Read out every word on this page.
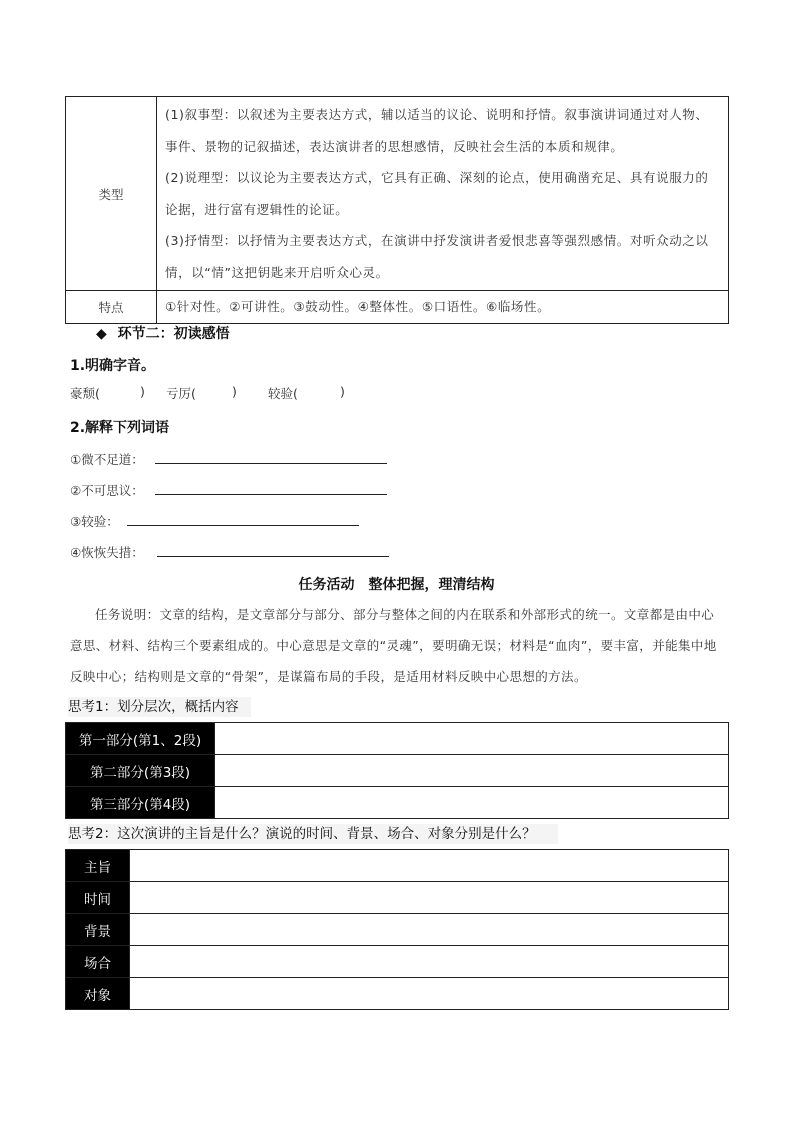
类型	(1)叙事型：以叙述为主要表达方式，辅以适当的议论、说明和抒情。叙事演讲词通过对人物、事件、景物的记叙描述，表达演讲者的思想感情，反映社会生活的本质和规律。

(2)说理型：以议论为主要表达方式，它具有正确、深刻的论点，使用确凿充足、具有说服力的论据，进行富有逻辑性的论证。

(3)抒情型：以抒情为主要表达方式，在演讲中抒发演讲者爱恨悲喜等强烈感情。对听众动之以情，以“情”这把钥匙来开启听众心灵。

特点	①针对性。②可讲性。③鼓动性。④整体性。⑤口语性。⑥临场性。
◆ 环节二：初读感悟
1.明确字音。
豪颓(	) 亏厉(	) 较验(	)
2.解释下列词语
①微不足道：
②不可思议：
③较验：
④恢恢失措：
任务活动　整体把握，理清结构
任务说明：文章的结构，是文章部分与部分、部分与整体之间的内在联系和外部形式的统一。文章都是由中心意思、材料、结构三个要素组成的。中心意思是文章的“灵魂”，要明确无误；材料是“血肉”，要丰富，并能集中地反映中心；结构则是文章的“骨架”，是谋篇布局的手段，是适用材料反映中心思想的方法。
思考1：划分层次，概括内容
第一部分(第1、2段)	
第二部分(第3段)	
第三部分(第4段)	
思考2：这次演讲的主旨是什么？演说的时间、背景、场合、对象分别是什么？
主旨	
时间	
背景	
场合	
对象	
